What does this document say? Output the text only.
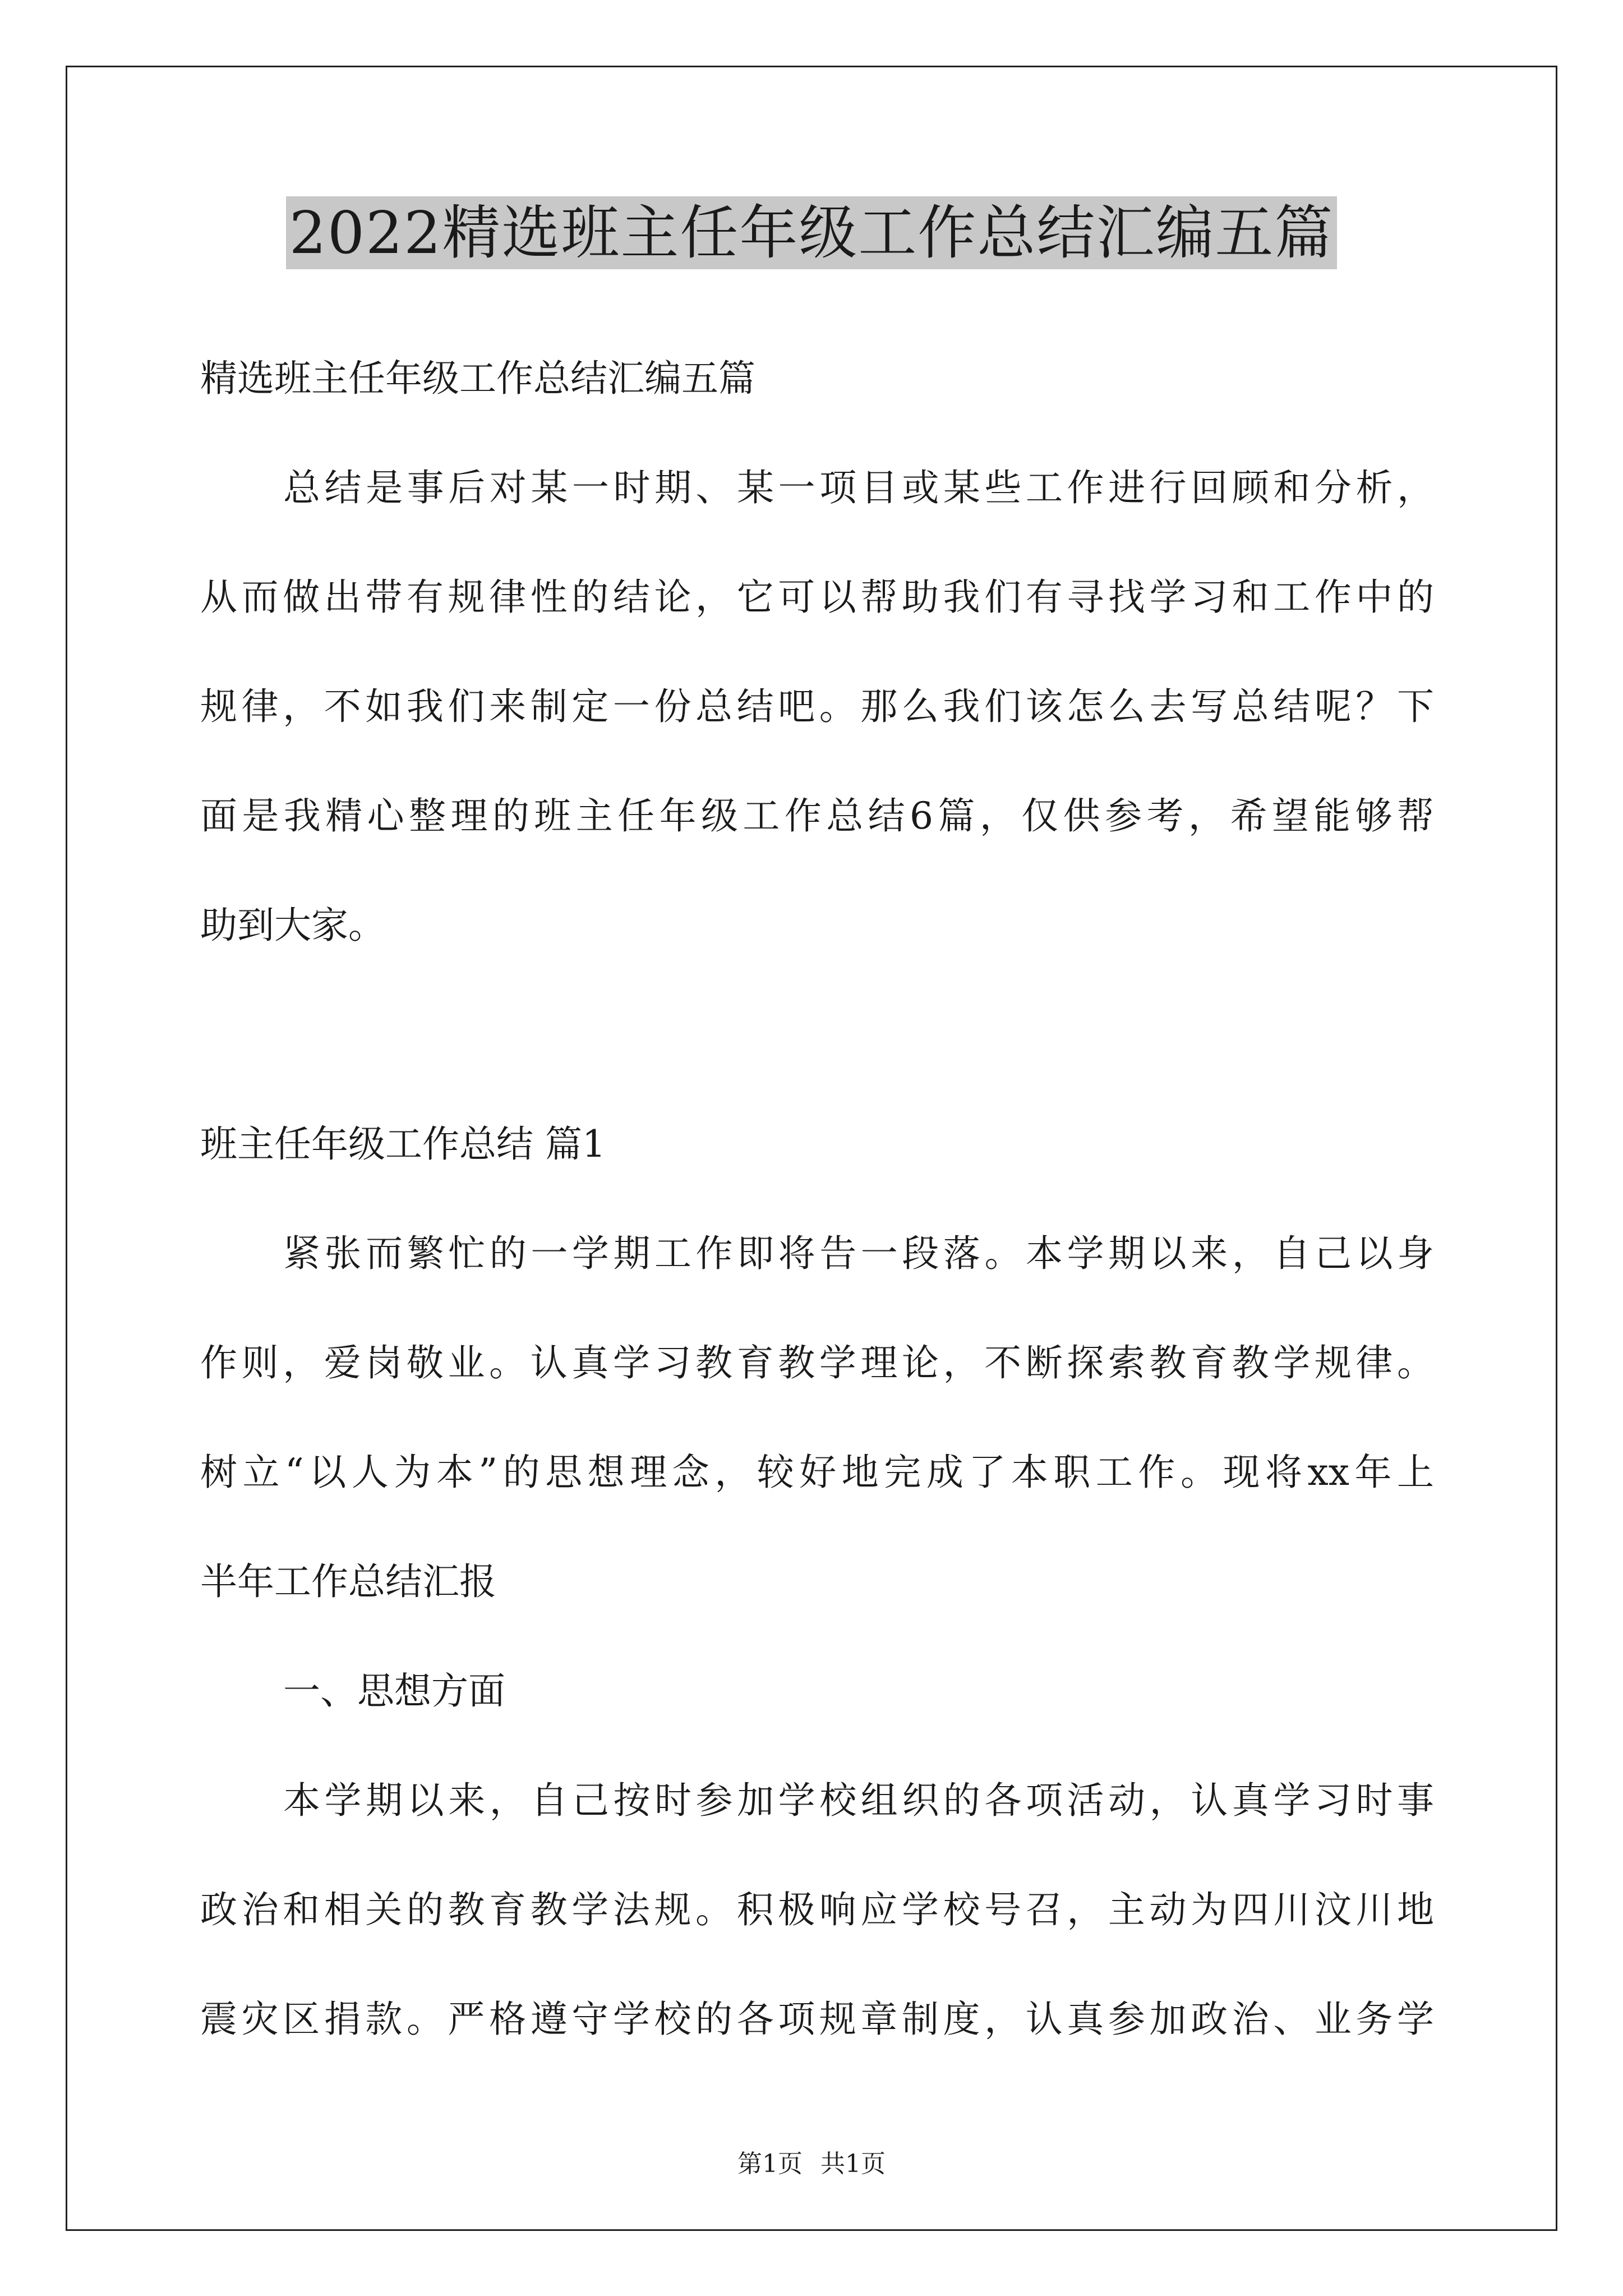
2022精选班主任年级工作总结汇编五篇

精选班主任年级工作总结汇编五篇

总结是事后对某一时期、某一项目或某些工作进行回顾和分析，

从而做出带有规律性的结论，它可以帮助我们有寻找学习和工作中的

规律，不如我们来制定一份总结吧。那么我们该怎么去写总结呢？下

面是我精心整理的班主任年级工作总结6篇，仅供参考，希望能够帮

助到大家。

班主任年级工作总结 篇1

紧张而繁忙的一学期工作即将告一段落。本学期以来，自己以身

作则，爱岗敬业。认真学习教育教学理论，不断探索教育教学规律。

树立“以人为本”的思想理念，较好地完成了本职工作。现将xx年上

半年工作总结汇报

一、思想方面

本学期以来，自己按时参加学校组织的各项活动，认真学习时事

政治和相关的教育教学法规。积极响应学校号召，主动为四川汶川地

震灾区捐款。严格遵守学校的各项规章制度，认真参加政治、业务学

第1页 共1页
